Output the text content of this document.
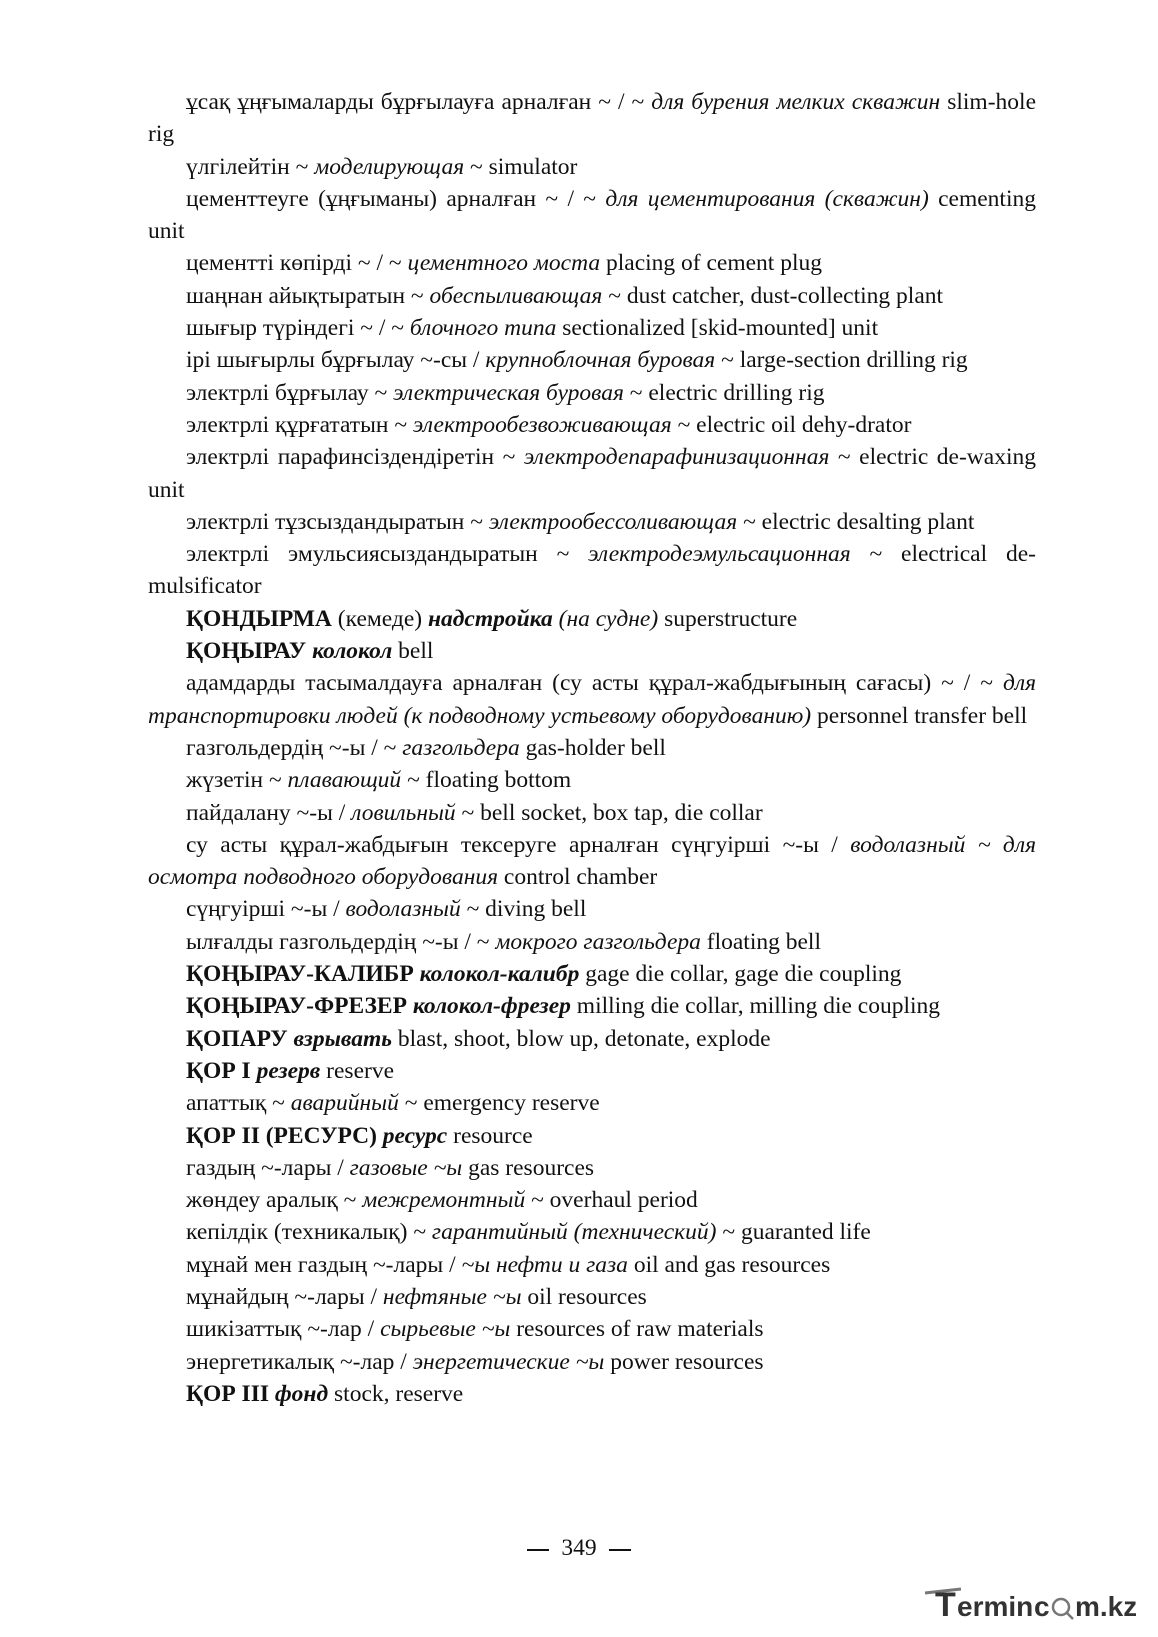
ұсақ ұңғымаларды бұрғылауға арналған ~ / ~ для бурения мелких скважин slim-hole rig
үлгілейтін ~ моделирующая ~ simulator
цементтеуге (ұңғыманы) арналған ~ / ~ для цементирования (скважин) cementing unit
цементті көпірді ~ / ~ цементного моста placing of cement plug
шаңнан айықтыратын ~ обеспыливающая ~ dust catcher, dust-collecting plant
шығыр түріндегі ~ / ~ блочного типа sectionalized [skid-mounted] unit
ірі шығырлы бұрғылау ~-сы / крупноблочная буровая ~ large-section drilling rig
электрлі бұрғылау ~ электрическая буровая ~ electric drilling rig
электрлі құрғататын ~ электрообезвоживающая ~ electric oil dehy-drator
электрлі парафинсіздендіретін ~ электродепарафинизационная ~ electric de-waxing unit
электрлі тұзсыздандыратын ~ электрообессоливающая ~ electric desalting plant
электрлі эмульсиясыздандыратын ~ электродеэмульсационная ~ electrical de-mulsificator
ҚОНДЫРМА (кемеде) надстройка (на судне) superstructure
ҚОҢЫРАУ колокол bell
адамдарды тасымалдауға арналған (су асты құрал-жабдығының сағасы) ~ / ~ для транспортировки людей (к подводному устьевому оборудованию) personnel transfer bell
газгольдердің ~-ы / ~ газгольдера gas-holder bell
жүзетін ~ плавающий ~ floating bottom
пайдалану ~-ы / ловильный ~ bell socket, box tap, die collar
су асты құрал-жабдығын тексеруге арналған сүңгуірші ~-ы / водолазный ~ для осмотра подводного оборудования control chamber
сүңгуірші ~-ы / водолазный ~ diving bell
ылғалды газгольдердің ~-ы / ~ мокрого газгольдера floating bell
ҚОҢЫРАУ-КАЛИБР колокол-калибр gage die collar, gage die coupling
ҚОҢЫРАУ-ФРЕЗЕР колокол-фрезер milling die collar, milling die coupling
ҚОПАРУ взрывать blast, shoot, blow up, detonate, explode
ҚОР І резерв reserve
апаттық ~ аварийный ~ emergency reserve
ҚОР ІІ (РЕСУРС) ресурс resource
газдың ~-лары / газовые ~ы gas resources
жөндеу аралық ~ межремонтный ~ overhaul period
кепілдік (техникалық) ~ гарантийный (технический) ~ guaranted life
мұнай мен газдың ~-лары / ~ы нефти и газа oil and gas resources
мұнайдың ~-лары / нефтяные ~ы oil resources
шикізаттық ~-лар / сырьевые ~ы resources of raw materials
энергетикалық ~-лар / энергетические ~ы power resources
ҚОР ІІІ фонд stock, reserve
349
T ermin c m.kz
